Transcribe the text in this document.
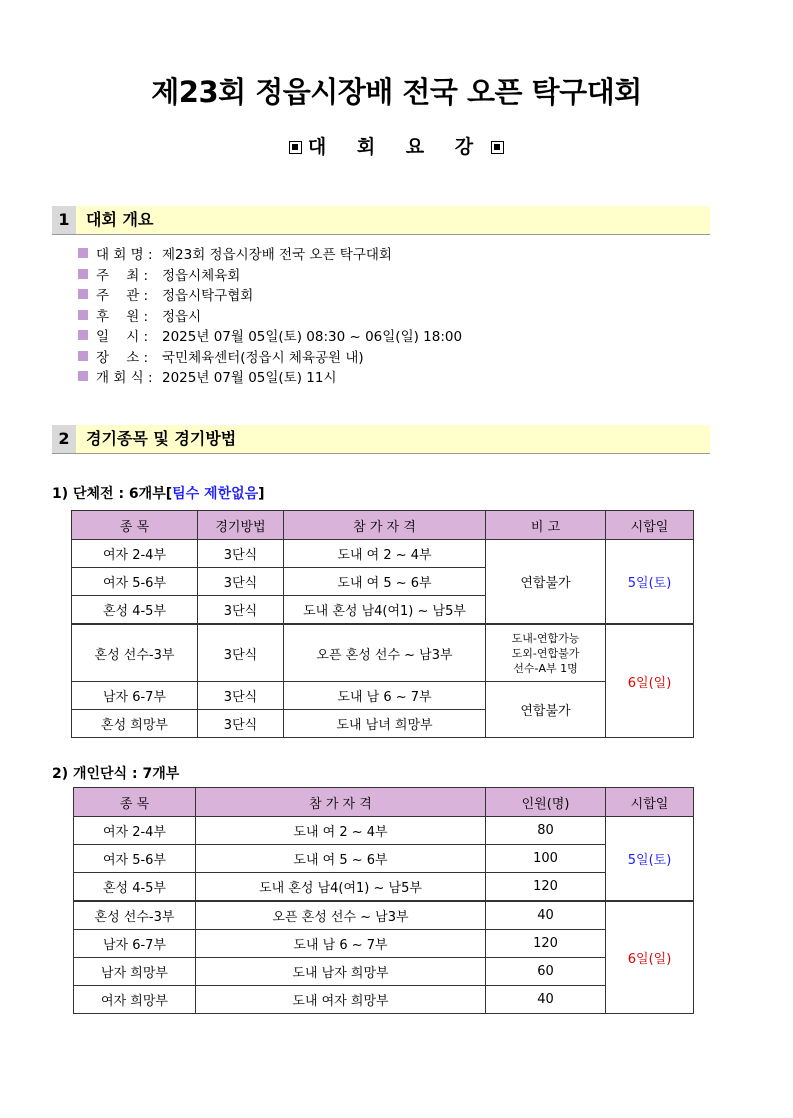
제23회 정읍시장배 전국 오픈 탁구대회
대 회 요 강
1	대회 개요
대 회 명 : 제23회 정읍시장배 전국 오픈 탁구대회
주    최 :	정읍시체육회
주    관 :	정읍시탁구협회
후    원 :	정읍시
일    시 :	2025년 07월 05일(토) 08:30 ~ 06일(일) 18:00
장    소 :	국민체육센터(정읍시 체육공원 내)
개 회 식 : 2025년 07월 05일(토) 11시
2	경기종목 및 경기방법
1) 단체전 : 6개부[팀수 제한없음]
종 목	경기방법	참 가 자 격	비 고	시합일
여자 2-4부	3단식	도내 여 2 ~ 4부	연합불가	5일(토)
여자 5-6부	3단식	도내 여 5 ~ 6부		
혼성 4-5부	3단식	도내 혼성 남4(여1) ~ 남5부		
혼성 선수-3부	3단식	오픈 혼성 선수 ~ 남3부	도내-연합가능
도외-연합불가
선수-A부 1명	6일(일)
남자 6-7부	3단식	도내 남 6 ~ 7부	연합불가	
혼성 희망부	3단식	도내 남녀 희망부		
2) 개인단식 : 7개부
종 목	참 가 자 격	인원(명)	시합일
여자 2-4부	도내 여 2 ~ 4부	80	5일(토)
여자 5-6부	도내 여 5 ~ 6부	100	
혼성 4-5부	도내 혼성 남4(여1) ~ 남5부	120	
혼성 선수-3부	오픈 혼성 선수 ~ 남3부	40	6일(일)
남자 6-7부	도내 남 6 ~ 7부	120	
남자 희망부	도내 남자 희망부	60	
여자 희망부	도내 여자 희망부	40	
